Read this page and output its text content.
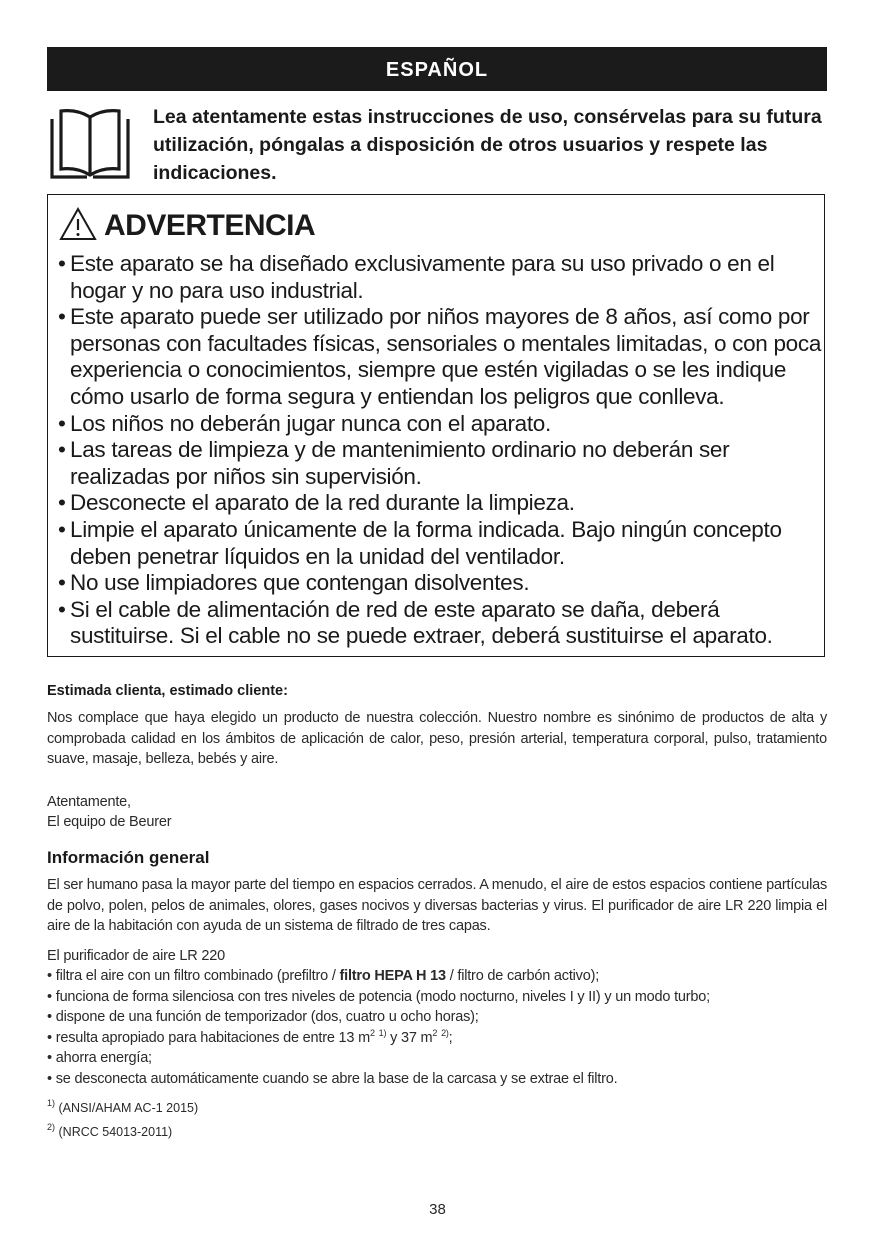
ESPAÑOL
Lea atentamente estas instrucciones de uso, consérvelas para su futura utilización, póngalas a disposición de otros usuarios y respete las indicaciones.
ADVERTENCIA
• Este aparato se ha diseñado exclusivamente para su uso privado o en el hogar y no para uso industrial.
• Este aparato puede ser utilizado por niños mayores de 8 años, así como por personas con facultades físicas, sensoriales o mentales limitadas, o con poca experiencia o conocimientos, siempre que estén vigiladas o se les indique cómo usarlo de forma segura y entiendan los peligros que conlleva.
• Los niños no deberán jugar nunca con el aparato.
• Las tareas de limpieza y de mantenimiento ordinario no deberán ser realizadas por niños sin supervisión.
• Desconecte el aparato de la red durante la limpieza.
• Limpie el aparato únicamente de la forma indicada. Bajo ningún concepto deben penetrar líquidos en la unidad del ventilador.
• No use limpiadores que contengan disolventes.
• Si el cable de alimentación de red de este aparato se daña, deberá sustituirse. Si el cable no se puede extraer, deberá sustituirse el aparato.
Estimada clienta, estimado cliente:
Nos complace que haya elegido un producto de nuestra colección. Nuestro nombre es sinónimo de productos de alta y comprobada calidad en los ámbitos de aplicación de calor, peso, presión arterial, temperatura corporal, pulso, tratamiento suave, masaje, belleza, bebés y aire.
Atentamente,
El equipo de Beurer
Información general
El ser humano pasa la mayor parte del tiempo en espacios cerrados. A menudo, el aire de estos espacios contiene partículas de polvo, polen, pelos de animales, olores, gases nocivos y diversas bacterias y virus. El purificador de aire LR 220 limpia el aire de la habitación con ayuda de un sistema de filtrado de tres capas.
El purificador de aire LR 220
• filtra el aire con un filtro combinado (prefiltro / filtro HEPA H 13 / filtro de carbón activo);
• funciona de forma silenciosa con tres niveles de potencia (modo nocturno, niveles I y II) y un modo turbo;
• dispone de una función de temporizador (dos, cuatro u ocho horas);
• resulta apropiado para habitaciones de entre 13 $m^2$ $^{1)}$ y 37 $m^2$ $^{2)}$;
• ahorra energía;
• se desconecta automáticamente cuando se abre la base de la carcasa y se extrae el filtro.
$^{1)}$ (ANSI/AHAM AC-1 2015)
$^{2)}$ (NRCC 54013-2011)
38
